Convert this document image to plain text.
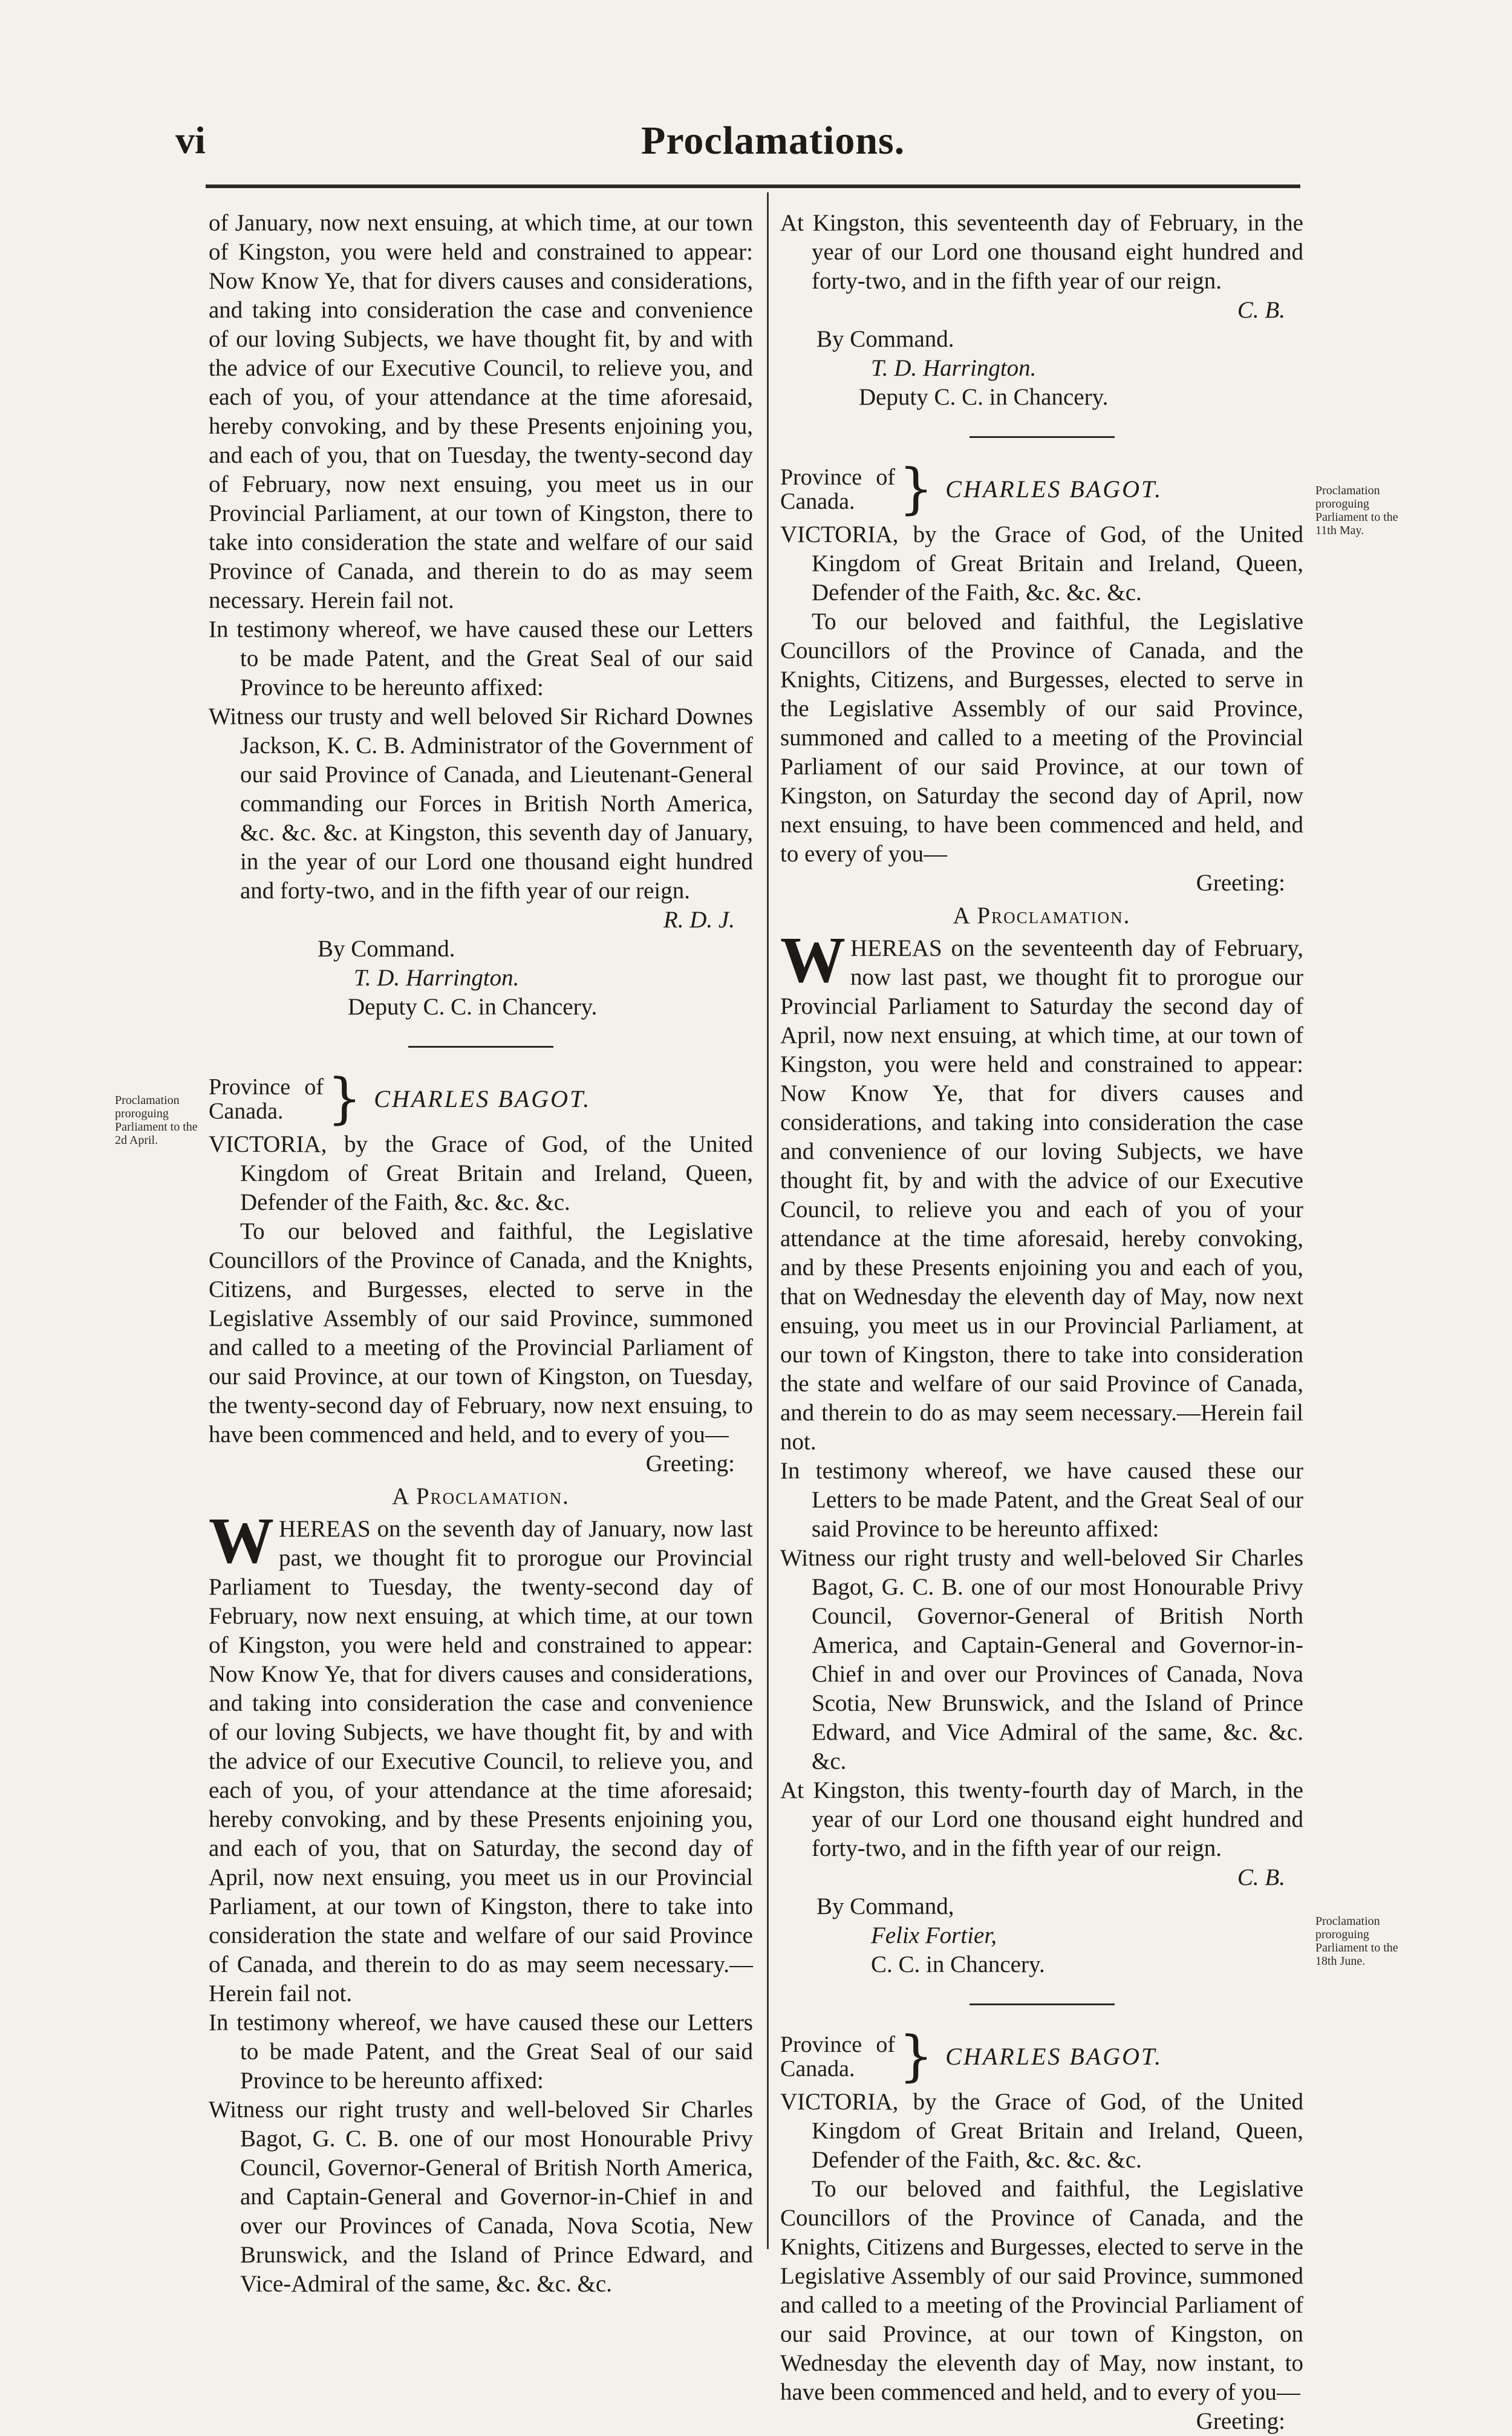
vi	Proclamations.
Proclamation proroguing Parliament to the 2d April.
Proclamation proroguing Parliament to the 11th May.
Proclamation proroguing Parliament to the 18th June.

of January, now next ensuing, at which time, at our town of Kingston, you were held and constrained to appear: Now Know Ye, that for divers causes and considerations, and taking into consideration the case and convenience of our loving Subjects, we have thought fit, by and with the advice of our Executive Council, to relieve you, and each of you, of your attendance at the time aforesaid, hereby convoking, and by these Presents enjoining you, and each of you, that on Tuesday, the twenty-second day of February, now next ensuing, you meet us in our Provincial Parliament, at our town of Kingston, there to take into consideration the state and welfare of our said Province of Canada, and therein to do as may seem necessary. Herein fail not.

In testimony whereof, we have caused these our Letters to be made Patent, and the Great Seal of our said Province to be hereunto affixed:

Witness our trusty and well beloved Sir Richard Downes Jackson, K. C. B. Administrator of the Government of our said Province of Canada, and Lieutenant-General commanding our Forces in British North America, &c. &c. &c. at Kingston, this seventh day of January, in the year of our Lord one thousand eight hundred and forty-two, and in the fifth year of our reign.

R. D. J.

By Command.

T. D. Harrington.

Deputy C. C. in Chancery.

Province of Canada. } CHARLES BAGOT.

VICTORIA, by the Grace of God, of the United Kingdom of Great Britain and Ireland, Queen, Defender of the Faith, &c. &c. &c.

To our beloved and faithful, the Legislative Councillors of the Province of Canada, and the Knights, Citizens, and Burgesses, elected to serve in the Legislative Assembly of our said Province, summoned and called to a meeting of the Provincial Parliament of our said Province, at our town of Kingston, on Tuesday, the twenty-second day of February, now next ensuing, to have been commenced and held, and to every of you—

Greeting:

A Proclamation.

WHEREAS on the seventh day of January, now last past, we thought fit to prorogue our Provincial Parliament to Tuesday, the twenty-second day of February, now next ensuing, at which time, at our town of Kingston, you were held and constrained to appear: Now Know Ye, that for divers causes and considerations, and taking into consideration the case and convenience of our loving Subjects, we have thought fit, by and with the advice of our Executive Council, to relieve you, and each of you, of your attendance at the time aforesaid; hereby convoking, and by these Presents enjoining you, and each of you, that on Saturday, the second day of April, now next ensuing, you meet us in our Provincial Parliament, at our town of Kingston, there to take into consideration the state and welfare of our said Province of Canada, and therein to do as may seem necessary.—Herein fail not.

In testimony whereof, we have caused these our Letters to be made Patent, and the Great Seal of our said Province to be hereunto affixed:

Witness our right trusty and well-beloved Sir Charles Bagot, G. C. B. one of our most Honourable Privy Council, Governor-General of British North America, and Captain-General and Governor-in-Chief in and over our Provinces of Canada, Nova Scotia, New Brunswick, and the Island of Prince Edward, and Vice-Admiral of the same, &c. &c. &c.

At Kingston, this seventeenth day of February, in the year of our Lord one thousand eight hundred and forty-two, and in the fifth year of our reign.

C. B.

By Command.

T. D. Harrington.

Deputy C. C. in Chancery.

Province of Canada. } CHARLES BAGOT.

VICTORIA, by the Grace of God, of the United Kingdom of Great Britain and Ireland, Queen, Defender of the Faith, &c. &c. &c.

To our beloved and faithful, the Legislative Councillors of the Province of Canada, and the Knights, Citizens, and Burgesses, elected to serve in the Legislative Assembly of our said Province, summoned and called to a meeting of the Provincial Parliament of our said Province, at our town of Kingston, on Saturday the second day of April, now next ensuing, to have been commenced and held, and to every of you—

Greeting:

A Proclamation.

WHEREAS on the seventeenth day of February, now last past, we thought fit to prorogue our Provincial Parliament to Saturday the second day of April, now next ensuing, at which time, at our town of Kingston, you were held and constrained to appear: Now Know Ye, that for divers causes and considerations, and taking into consideration the case and convenience of our loving Subjects, we have thought fit, by and with the advice of our Executive Council, to relieve you and each of you of your attendance at the time aforesaid, hereby convoking, and by these Presents enjoining you and each of you, that on Wednesday the eleventh day of May, now next ensuing, you meet us in our Provincial Parliament, at our town of Kingston, there to take into consideration the state and welfare of our said Province of Canada, and therein to do as may seem necessary.—Herein fail not.

In testimony whereof, we have caused these our Letters to be made Patent, and the Great Seal of our said Province to be hereunto affixed:

Witness our right trusty and well-beloved Sir Charles Bagot, G. C. B. one of our most Honourable Privy Council, Governor-General of British North America, and Captain-General and Governor-in-Chief in and over our Provinces of Canada, Nova Scotia, New Brunswick, and the Island of Prince Edward, and Vice Admiral of the same, &c. &c. &c.

At Kingston, this twenty-fourth day of March, in the year of our Lord one thousand eight hundred and forty-two, and in the fifth year of our reign.

C. B.

By Command,

Felix Fortier,

C. C. in Chancery.

Province of Canada. } CHARLES BAGOT.

VICTORIA, by the Grace of God, of the United Kingdom of Great Britain and Ireland, Queen, Defender of the Faith, &c. &c. &c.

To our beloved and faithful, the Legislative Councillors of the Province of Canada, and the Knights, Citizens and Burgesses, elected to serve in the Legislative Assembly of our said Province, summoned and called to a meeting of the Provincial Parliament of our said Province, at our town of Kingston, on Wednesday the eleventh day of May, now instant, to have been commenced and held, and to every of you—

Greeting:
